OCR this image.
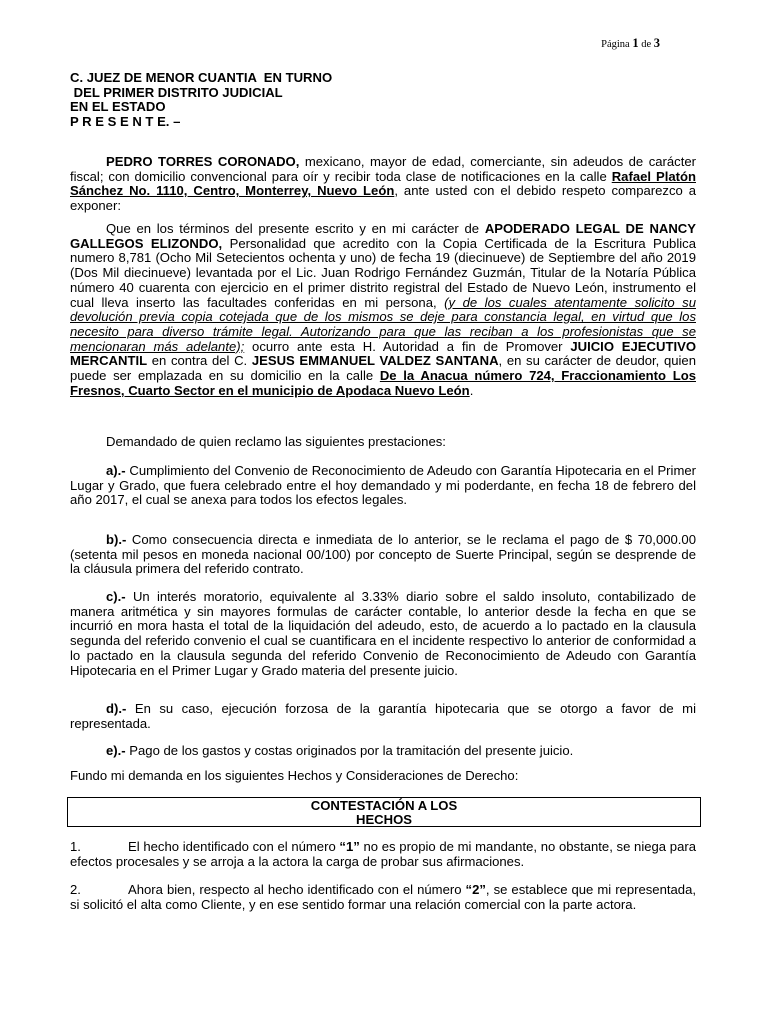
Página 1 de 3
C. JUEZ DE MENOR CUANTIA  EN TURNO
DEL PRIMER DISTRITO JUDICIAL
EN EL ESTADO
P R E S E N T E. –
PEDRO TORRES CORONADO, mexicano, mayor de edad, comerciante, sin adeudos de carácter fiscal; con domicilio convencional para oír y recibir toda clase de notificaciones en la calle Rafael Platón Sánchez No. 1110, Centro, Monterrey, Nuevo León, ante usted con el debido respeto comparezco a exponer:
Que en los términos del presente escrito y en mi carácter de APODERADO LEGAL DE NANCY GALLEGOS ELIZONDO, Personalidad que acredito con la Copia Certificada de la Escritura Publica numero 8,781 (Ocho Mil Setecientos ochenta y uno) de fecha 19 (diecinueve) de Septiembre del año 2019 (Dos Mil diecinueve) levantada por el Lic. Juan Rodrigo Fernández Guzmán, Titular de la Notaría Pública número 40 cuarenta con ejercicio en el primer distrito registral del Estado de Nuevo León, instrumento el cual lleva inserto las facultades conferidas en mi persona, (y de los cuales atentamente solicito su devolución previa copia cotejada que de los mismos se deje para constancia legal, en virtud que los necesito para diverso trámite legal. Autorizando para que las reciban a los profesionistas que se mencionaran más adelante); ocurro ante esta H. Autoridad a fin de Promover JUICIO EJECUTIVO MERCANTIL en contra del C. JESUS EMMANUEL VALDEZ SANTANA, en su carácter de deudor, quien puede ser emplazada en su domicilio en la calle De la Anacua número 724, Fraccionamiento Los Fresnos, Cuarto Sector en el municipio de Apodaca Nuevo León.
Demandado de quien reclamo las siguientes prestaciones:
a).- Cumplimiento del Convenio de Reconocimiento de Adeudo con Garantía Hipotecaria en el Primer Lugar y Grado, que fuera celebrado entre el hoy demandado y mi poderdante, en fecha 18 de febrero del año 2017, el cual se anexa para todos los efectos legales.
b).- Como consecuencia directa e inmediata de lo anterior, se le reclama el pago de $ 70,000.00 (setenta mil pesos en moneda nacional 00/100) por concepto de Suerte Principal, según se desprende de la cláusula primera del referido contrato.
c).- Un interés moratorio, equivalente al 3.33% diario sobre el saldo insoluto, contabilizado de manera aritmética y sin mayores formulas de carácter contable, lo anterior desde la fecha en que se incurrió en mora hasta el total de la liquidación del adeudo, esto, de acuerdo a lo pactado en la clausula segunda del referido convenio el cual se cuantificara en el incidente respectivo lo anterior de conformidad a lo pactado en la clausula segunda del referido Convenio de Reconocimiento de Adeudo con Garantía Hipotecaria en el Primer Lugar y Grado materia del presente juicio.
d).- En su caso, ejecución forzosa de la garantía hipotecaria que se otorgo a favor de mi representada.
e).- Pago de los gastos y costas originados por la tramitación del presente juicio.
Fundo mi demanda en los siguientes Hechos y Consideraciones de Derecho:
CONTESTACIÓN A LOS
HECHOS
1.	El hecho identificado con el número “1” no es propio de mi mandante, no obstante, se niega para efectos procesales y se arroja a la actora la carga de probar sus afirmaciones.
2.	Ahora bien, respecto al hecho identificado con el número “2”, se establece que mi representada, si solicitó el alta como Cliente, y en ese sentido formar una relación comercial con la parte actora.
